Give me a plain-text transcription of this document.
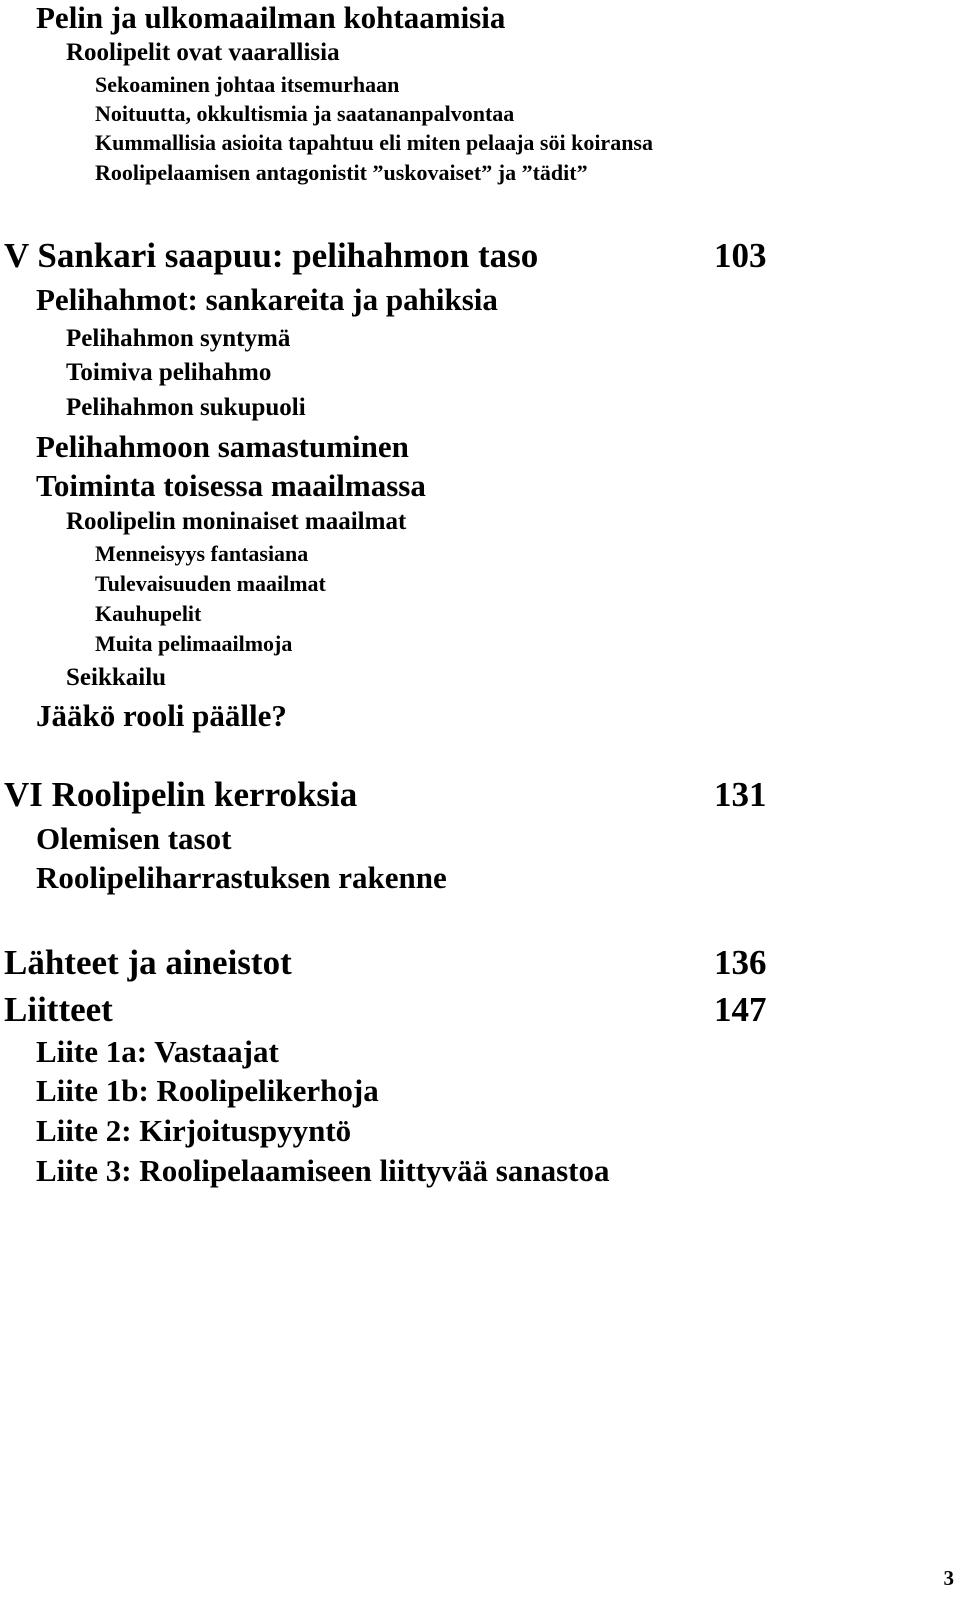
Pelin ja ulkomaailman kohtaamisia
Roolipelit ovat vaarallisia
Sekoaminen johtaa itsemurhaan
Noituutta, okkultismia ja saatananpalvontaa
Kummallisia asioita tapahtuu eli miten pelaaja söi koiransa
Roolipelaamisen antagonistit ”uskovaiset” ja ”tädit”
V Sankari saapuu: pelihahmon taso	103
Pelihahmot: sankareita ja pahiksia
Pelihahmon syntymä
Toimiva pelihahmo
Pelihahmon sukupuoli
Pelihahmoon samastuminen
Toiminta toisessa maailmassa
Roolipelin moninaiset maailmat
Menneisyys fantasiana
Tulevaisuuden maailmat
Kauhupelit
Muita pelimaailmoja
Seikkailu
Jääkö rooli päälle?
VI Roolipelin kerroksia	131
Olemisen tasot
Roolipeliharrastuksen rakenne
Lähteet ja aineistot	136
Liitteet	147
Liite 1a: Vastaajat
Liite 1b: Roolipelikerhoja
Liite 2: Kirjoituspyyntö
Liite 3: Roolipelaamiseen liittyvää sanastoa
3
